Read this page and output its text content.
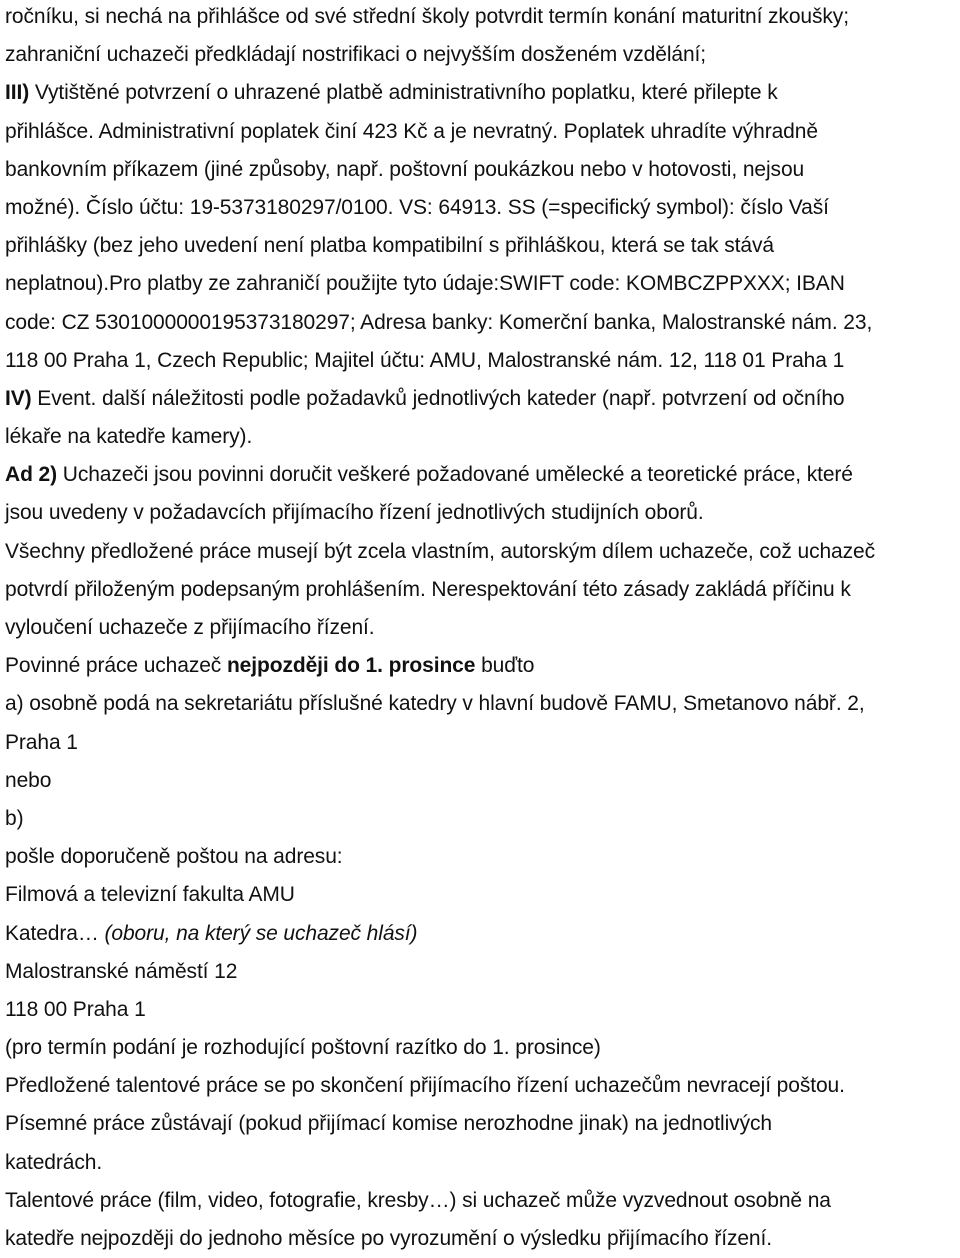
ročníku, si nechá na přihlášce od své střední školy potvrdit termín konání maturitní zkoušky;
zahraniční uchazeči předkládají nostrifikaci o nejvyšším dosženém vzdělání;
III) Vytištěné potvrzení o uhrazené platbě administrativního poplatku, které přilepte k
přihlášce. Administrativní poplatek činí 423 Kč a je nevratný. Poplatek uhradíte výhradně
bankovním příkazem (jiné způsoby, např. poštovní poukázkou nebo v hotovosti, nejsou
možné). Číslo účtu: 19-5373180297/0100. VS: 64913. SS (=specifický symbol): číslo Vaší
přihlášky (bez jeho uvedení není platba kompatibilní s přihláškou, která se tak stává
neplatnou).Pro platby ze zahraničí použijte tyto údaje:SWIFT code: KOMBCZPPXXX; IBAN
code: CZ 5301000000195373180297; Adresa banky: Komerční banka, Malostranské nám. 23,
118 00 Praha 1, Czech Republic; Majitel účtu: AMU, Malostranské nám. 12, 118 01 Praha 1
IV) Event. další náležitosti podle požadavků jednotlivých kateder (např. potvrzení od očního
lékaře na katedře kamery).
Ad 2) Uchazeči jsou povinni doručit veškeré požadované umělecké a teoretické práce, které
jsou uvedeny v požadavcích přijímacího řízení jednotlivých studijních oborů.
Všechny předložené práce musejí být zcela vlastním, autorským dílem uchazeče, což uchazeč
potvrdí přiloženým podepsaným prohlášením. Nerespektování této zásady zakládá příčinu k
vyloučení uchazeče z přijímacího řízení.
Povinné práce uchazeč nejpozději do 1. prosince buďto
a) osobně podá na sekretariátu příslušné katedry v hlavní budově FAMU, Smetanovo nábř. 2,
Praha 1
nebo
b)
pošle doporučeně poštou na adresu:
Filmová a televizní fakulta AMU
Katedra… (oboru, na který se uchazeč hlásí)
Malostranské náměstí 12
118 00 Praha 1
(pro termín podání je rozhodující poštovní razítko do 1. prosince)
Předložené talentové práce se po skončení přijímacího řízení uchazečům nevracejí poštou.
Písemné práce zůstávají (pokud přijímací komise nerozhodne jinak) na jednotlivých
katedrách.
Talentové práce (film, video, fotografie, kresby…) si uchazeč může vyzvednout osobně na
katedře nejpozději do jednoho měsíce po vyrozumění o výsledku přijímacího řízení.
